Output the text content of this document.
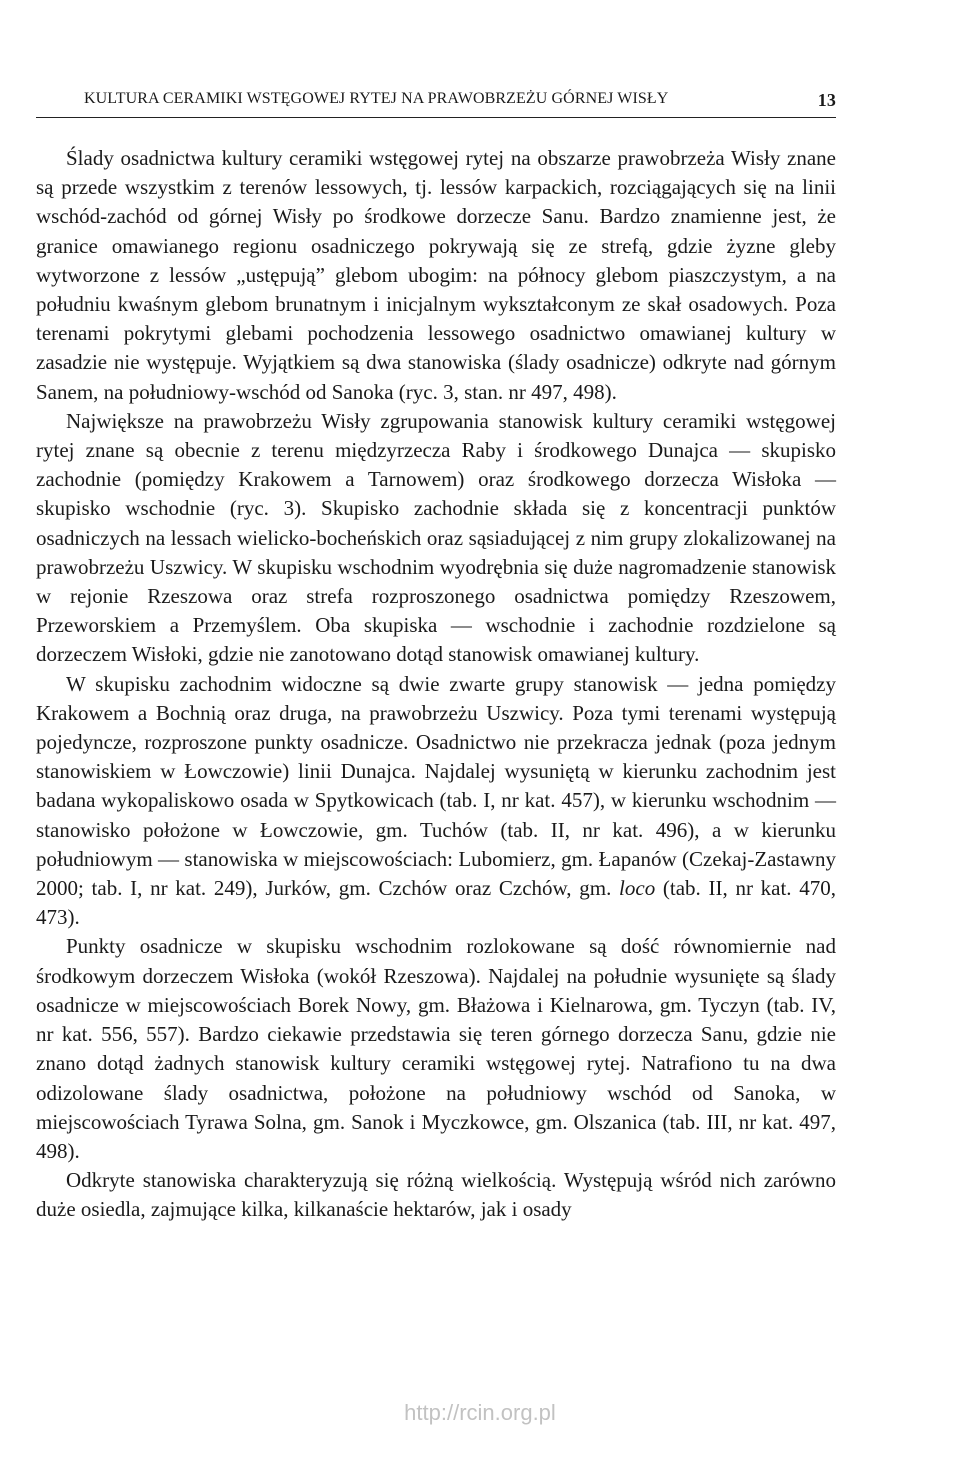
KULTURA CERAMIKI WSTĘGOWEJ RYTEJ NA PRAWOBRZEŻU GÓRNEJ WISŁY	13

Ślady osadnictwa kultury ceramiki wstęgowej rytej na obszarze prawobrzeża Wisły znane są przede wszystkim z terenów lessowych, tj. lessów karpackich, rozciągających się na linii wschód-zachód od górnej Wisły po środkowe dorzecze Sanu. Bardzo znamienne jest, że granice omawianego regionu osadniczego pokrywają się ze strefą, gdzie żyzne gleby wytworzone z lessów „ustępują” glebom ubogim: na północy glebom piaszczystym, a na południu kwaśnym glebom brunatnym i inicjalnym wykształconym ze skał osadowych. Poza terenami pokrytymi glebami pochodzenia lessowego osadnictwo omawianej kultury w zasadzie nie występuje. Wyjątkiem są dwa stanowiska (ślady osadnicze) odkryte nad górnym Sanem, na południowy-wschód od Sanoka (ryc. 3, stan. nr 497, 498).

Największe na prawobrzeżu Wisły zgrupowania stanowisk kultury ceramiki wstęgowej rytej znane są obecnie z terenu międzyrzecza Raby i środkowego Dunajca — skupisko zachodnie (pomiędzy Krakowem a Tarnowem) oraz środkowego dorzecza Wisłoka — skupisko wschodnie (ryc. 3). Skupisko zachodnie składa się z koncentracji punktów osadniczych na lessach wielicko-bocheńskich oraz sąsiadującej z nim grupy zlokalizowanej na prawobrzeżu Uszwicy. W skupisku wschodnim wyodrębnia się duże nagromadzenie stanowisk w rejonie Rzeszowa oraz strefa rozproszonego osadnictwa pomiędzy Rzeszowem, Przeworskiem a Przemyślem. Oba skupiska — wschodnie i zachodnie rozdzielone są dorzeczem Wisłoki, gdzie nie zanotowano dotąd stanowisk omawianej kultury.

W skupisku zachodnim widoczne są dwie zwarte grupy stanowisk — jedna pomiędzy Krakowem a Bochnią oraz druga, na prawobrzeżu Uszwicy. Poza tymi terenami występują pojedyncze, rozproszone punkty osadnicze. Osadnictwo nie przekracza jednak (poza jednym stanowiskiem w Łowczowie) linii Dunajca. Najdalej wysuniętą w kierunku zachodnim jest badana wykopaliskowo osada w Spytkowicach (tab. I, nr kat. 457), w kierunku wschodnim — stanowisko położone w Łowczowie, gm. Tuchów (tab. II, nr kat. 496), a w kierunku południowym — stanowiska w miejscowościach: Lubomierz, gm. Łapanów (Czekaj-Zastawny 2000; tab. I, nr kat. 249), Jurków, gm. Czchów oraz Czchów, gm. loco (tab. II, nr kat. 470, 473).

Punkty osadnicze w skupisku wschodnim rozlokowane są dość równomiernie nad środkowym dorzeczem Wisłoka (wokół Rzeszowa). Najdalej na południe wysunięte są ślady osadnicze w miejscowościach Borek Nowy, gm. Błażowa i Kielnarowa, gm. Tyczyn (tab. IV, nr kat. 556, 557). Bardzo ciekawie przedstawia się teren górnego dorzecza Sanu, gdzie nie znano dotąd żadnych stanowisk kultury ceramiki wstęgowej rytej. Natrafiono tu na dwa odizolowane ślady osadnictwa, położone na południowy wschód od Sanoka, w miejscowościach Tyrawa Solna, gm. Sanok i Myczkowce, gm. Olszanica (tab. III, nr kat. 497, 498).

Odkryte stanowiska charakteryzują się różną wielkością. Występują wśród nich zarówno duże osiedla, zajmujące kilka, kilkanaście hektarów, jak i osady

http://rcin.org.pl
